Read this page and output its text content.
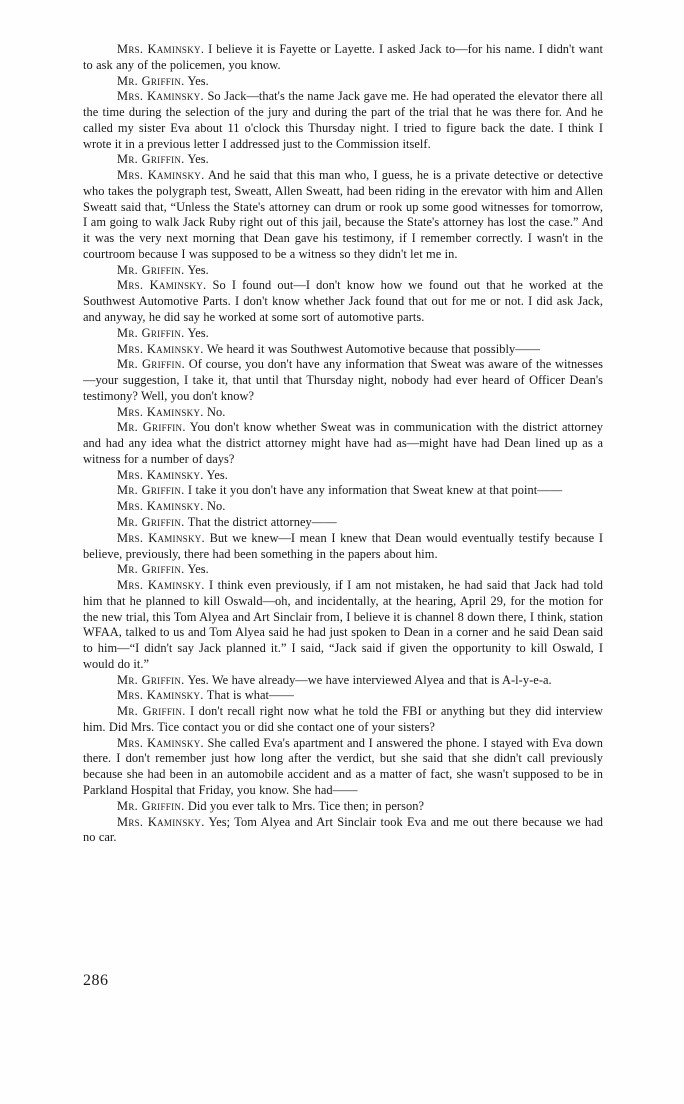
Mrs. Kaminsky. I believe it is Fayette or Layette. I asked Jack to—for his name. I didn't want to ask any of the policemen, you know.
Mr. Griffin. Yes.
Mrs. Kaminsky. So Jack—that's the name Jack gave me. He had operated the elevator there all the time during the selection of the jury and during the part of the trial that he was there for. And he called my sister Eva about 11 o'clock this Thursday night. I tried to figure back the date. I think I wrote it in a previous letter I addressed just to the Commission itself.
Mr. Griffin. Yes.
Mrs. Kaminsky. And he said that this man who, I guess, he is a private detective or detective who takes the polygraph test, Sweatt, Allen Sweatt, had been riding in the erevator with him and Allen Sweatt said that, “Unless the State's attorney can drum or rook up some good witnesses for tomorrow, I am going to walk Jack Ruby right out of this jail, because the State's attorney has lost the case.” And it was the very next morning that Dean gave his testimony, if I remember correctly. I wasn't in the courtroom because I was supposed to be a witness so they didn't let me in.
Mr. Griffin. Yes.
Mrs. Kaminsky. So I found out—I don't know how we found out that he worked at the Southwest Automotive Parts. I don't know whether Jack found that out for me or not. I did ask Jack, and anyway, he did say he worked at some sort of automotive parts.
Mr. Griffin. Yes.
Mrs. Kaminsky. We heard it was Southwest Automotive because that possibly——
Mr. Griffin. Of course, you don't have any information that Sweat was aware of the witnesses—your suggestion, I take it, that until that Thursday night, nobody had ever heard of Officer Dean's testimony? Well, you don't know?
Mrs. Kaminsky. No.
Mr. Griffin. You don't know whether Sweat was in communication with the district attorney and had any idea what the district attorney might have had as—might have had Dean lined up as a witness for a number of days?
Mrs. Kaminsky. Yes.
Mr. Griffin. I take it you don't have any information that Sweat knew at that point——
Mrs. Kaminsky. No.
Mr. Griffin. That the district attorney——
Mrs. Kaminsky. But we knew—I mean I knew that Dean would eventually testify because I believe, previously, there had been something in the papers about him.
Mr. Griffin. Yes.
Mrs. Kaminsky. I think even previously, if I am not mistaken, he had said that Jack had told him that he planned to kill Oswald—oh, and incidentally, at the hearing, April 29, for the motion for the new trial, this Tom Alyea and Art Sinclair from, I believe it is channel 8 down there, I think, station WFAA, talked to us and Tom Alyea said he had just spoken to Dean in a corner and he said Dean said to him—“I didn't say Jack planned it.” I said, “Jack said if given the opportunity to kill Oswald, I would do it.”
Mr. Griffin. Yes. We have already—we have interviewed Alyea and that is A-l-y-e-a.
Mrs. Kaminsky. That is what——
Mr. Griffin. I don't recall right now what he told the FBI or anything but they did interview him. Did Mrs. Tice contact you or did she contact one of your sisters?
Mrs. Kaminsky. She called Eva's apartment and I answered the phone. I stayed with Eva down there. I don't remember just how long after the verdict, but she said that she didn't call previously because she had been in an automobile accident and as a matter of fact, she wasn't supposed to be in Parkland Hospital that Friday, you know. She had——
Mr. Griffin. Did you ever talk to Mrs. Tice then; in person?
Mrs. Kaminsky. Yes; Tom Alyea and Art Sinclair took Eva and me out there because we had no car.
286
